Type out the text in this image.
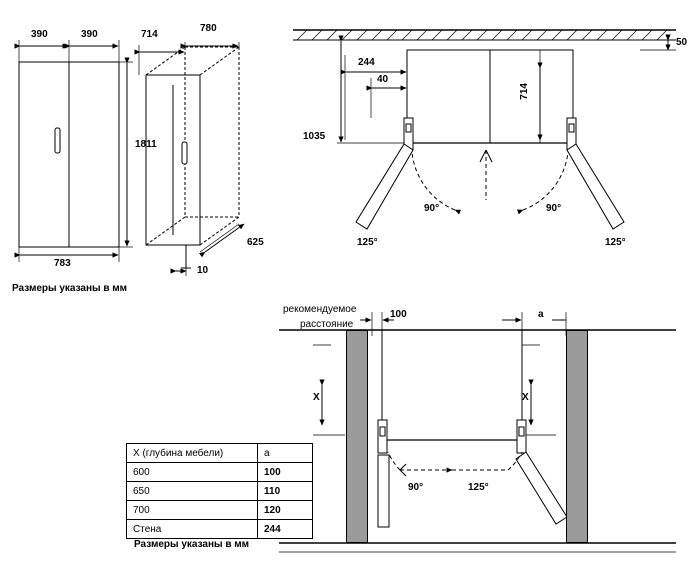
390	390
1811
783
714
780
625
10
Размеры указаны в мм
50
244
40
1035
714
90°	90°
125°	125°
рекомендуемое
расстояние
100	a
X	X
90°	125°
X (глубина мебели)	a
600	100
650	110
700	120
Стена	244
Размеры указаны в мм
